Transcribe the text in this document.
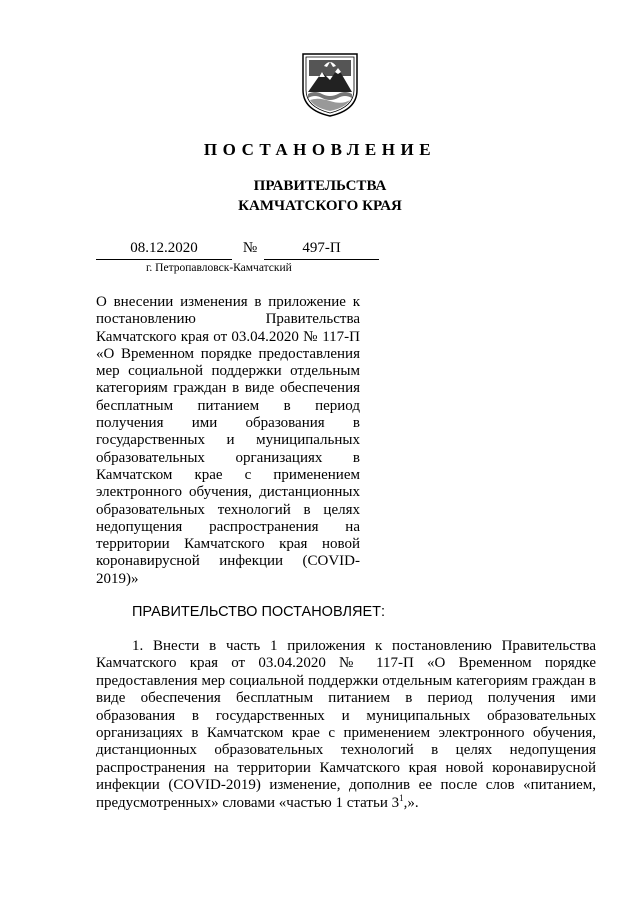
ПОСТАНОВЛЕНИЕ
ПРАВИТЕЛЬСТВА
КАМЧАТСКОГО КРАЯ
08.12.2020	№	497-П
г. Петропавловск-Камчатский
О внесении изменения в приложение к постановлению Правительства Камчатского края от 03.04.2020 № 117-П «О Временном порядке предоставления мер социальной поддержки отдельным категориям граждан в виде обеспечения бесплатным питанием в период получения ими образования в государственных и муниципальных образовательных организациях в Камчатском крае с применением электронного обучения, дистанционных образовательных технологий в целях недопущения распространения на территории Камчатского края новой коронавирусной инфекции (COVID-2019)»
ПРАВИТЕЛЬСТВО ПОСТАНОВЛЯЕТ:
1. Внести в часть 1 приложения к постановлению Правительства Камчатского края от 03.04.2020 № 117-П «О Временном порядке предоставления мер социальной поддержки отдельным категориям граждан в виде обеспечения бесплатным питанием в период получения ими образования в государственных и муниципальных образовательных организациях в Камчатском крае с применением электронного обучения, дистанционных образовательных технологий в целях недопущения распространения на территории Камчатского края новой коронавирусной инфекции (COVID-2019) изменение, дополнив ее после слов «питанием, предусмотренных» словами «частью 1 статьи $3^1$,».
